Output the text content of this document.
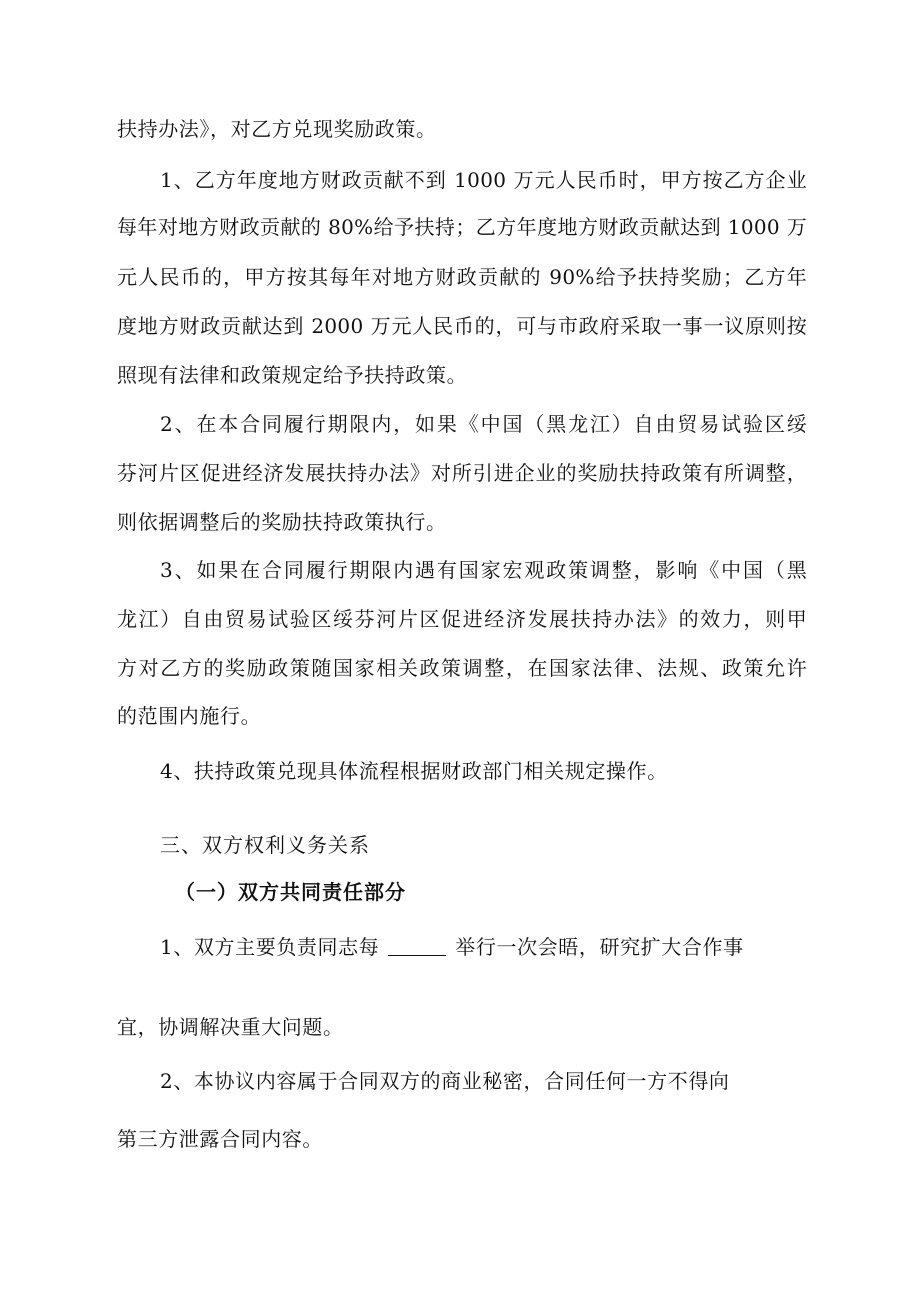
扶持办法》，对乙方兑现奖励政策。
1、乙方年度地方财政贡献不到 1000 万元人民币时，甲方按乙方企业
每年对地方财政贡献的 80%给予扶持；乙方年度地方财政贡献达到 1000 万
元人民币的，甲方按其每年对地方财政贡献的 90%给予扶持奖励；乙方年
度地方财政贡献达到 2000 万元人民币的，可与市政府采取一事一议原则按
照现有法律和政策规定给予扶持政策。
2、在本合同履行期限内，如果《中国（黑龙江）自由贸易试验区绥
芬河片区促进经济发展扶持办法》对所引进企业的奖励扶持政策有所调整，
则依据调整后的奖励扶持政策执行。
3、如果在合同履行期限内遇有国家宏观政策调整，影响《中国（黑
龙江）自由贸易试验区绥芬河片区促进经济发展扶持办法》的效力，则甲
方对乙方的奖励政策随国家相关政策调整，在国家法律、法规、政策允许
的范围内施行。
4、扶持政策兑现具体流程根据财政部门相关规定操作。
三、双方权利义务关系
（一）双方共同责任部分
1、双方主要负责同志每	举行一次会晤，研究扩大合作事
宜，协调解决重大问题。
2、本协议内容属于合同双方的商业秘密，合同任何一方不得向
第三方泄露合同内容。
